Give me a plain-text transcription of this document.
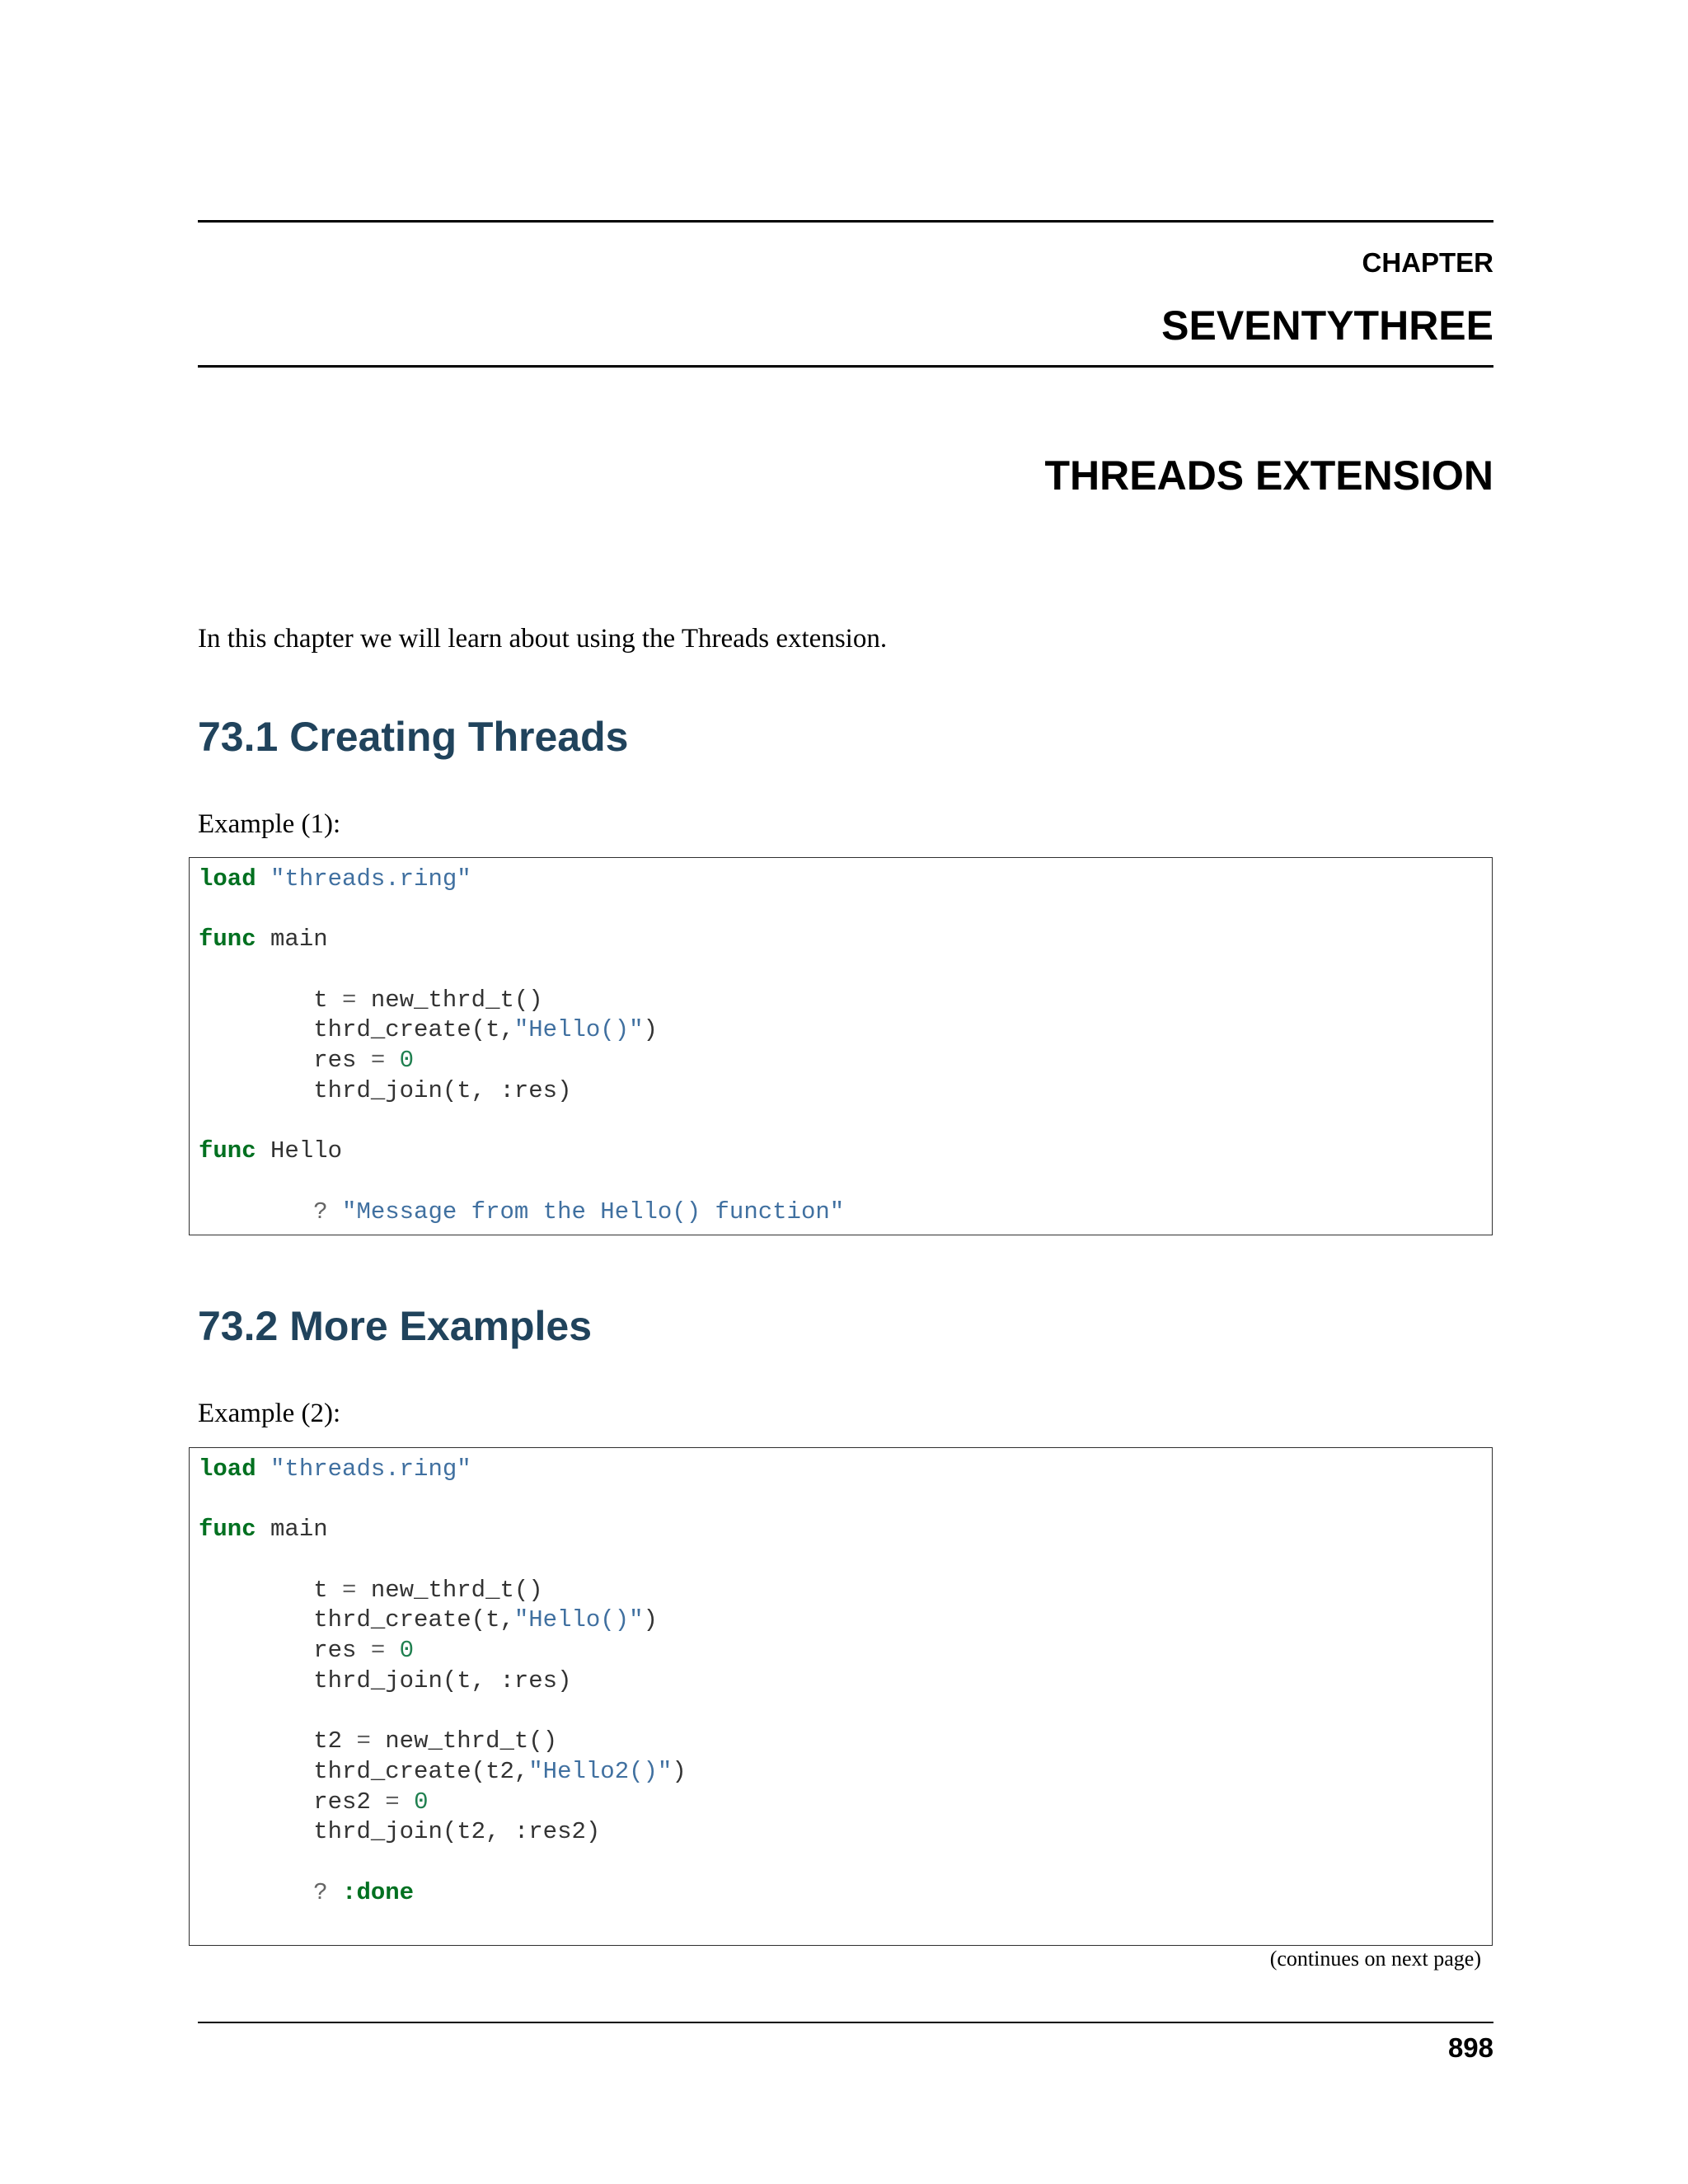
CHAPTER
SEVENTYTHREE
THREADS EXTENSION
In this chapter we will learn about using the Threads extension.
73.1 Creating Threads
Example (1):
load "threads.ring"
func main
t = new_thrd_t()
thrd_create(t,"Hello()")
res = 0
thrd_join(t, :res)
func Hello
? "Message from the Hello() function"
73.2 More Examples
Example (2):
load "threads.ring"
func main
t = new_thrd_t()
thrd_create(t,"Hello()")
res = 0
thrd_join(t, :res)
t2 = new_thrd_t()
thrd_create(t2,"Hello2()")
res2 = 0
thrd_join(t2, :res2)
? :done
(continues on next page)
898
